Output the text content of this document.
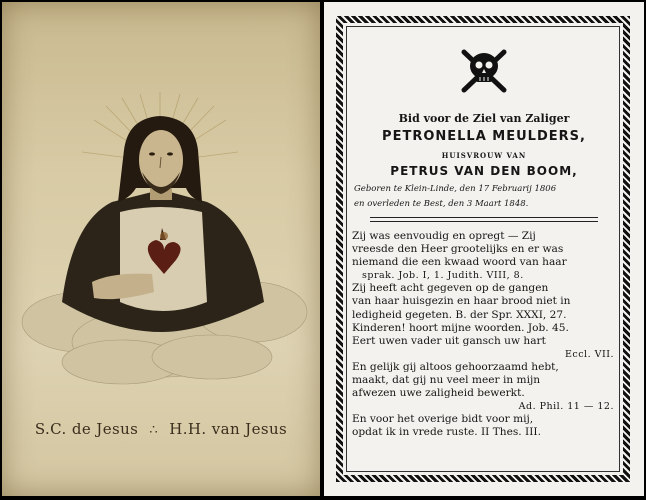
S.C. de Jesus ∴ H.H. van Jesus
Bid voor de Ziel van Zaliger
PETRONELLA MEULDERS,
HUISVROUW VAN
PETRUS VAN DEN BOOM,
Geboren te Klein-Linde, den 17 Februarij 1806
en overleden te Best, den 3 Maart 1848.
Zij was eenvoudig en opregt — Zij
vreesde den Heer grootelijks en er was
niemand die een kwaad woord van haar
sprak. Job. I, 1. Judith. VIII, 8.
Zij heeft acht gegeven op de gangen
van haar huisgezin en haar brood niet in
ledigheid gegeten. B. der Spr. XXXI, 27.
Kinderen! hoort mijne woorden. Job. 45.
Eert uwen vader uit gansch uw hart
Eccl. VII.
En gelijk gij altoos gehoorzaamd hebt,
maakt, dat gij nu veel meer in mijn
afwezen uwe zaligheid bewerkt.
Ad. Phil. 11 — 12.
En voor het overige bidt voor mij,
opdat ik in vrede ruste. II Thes. III.
